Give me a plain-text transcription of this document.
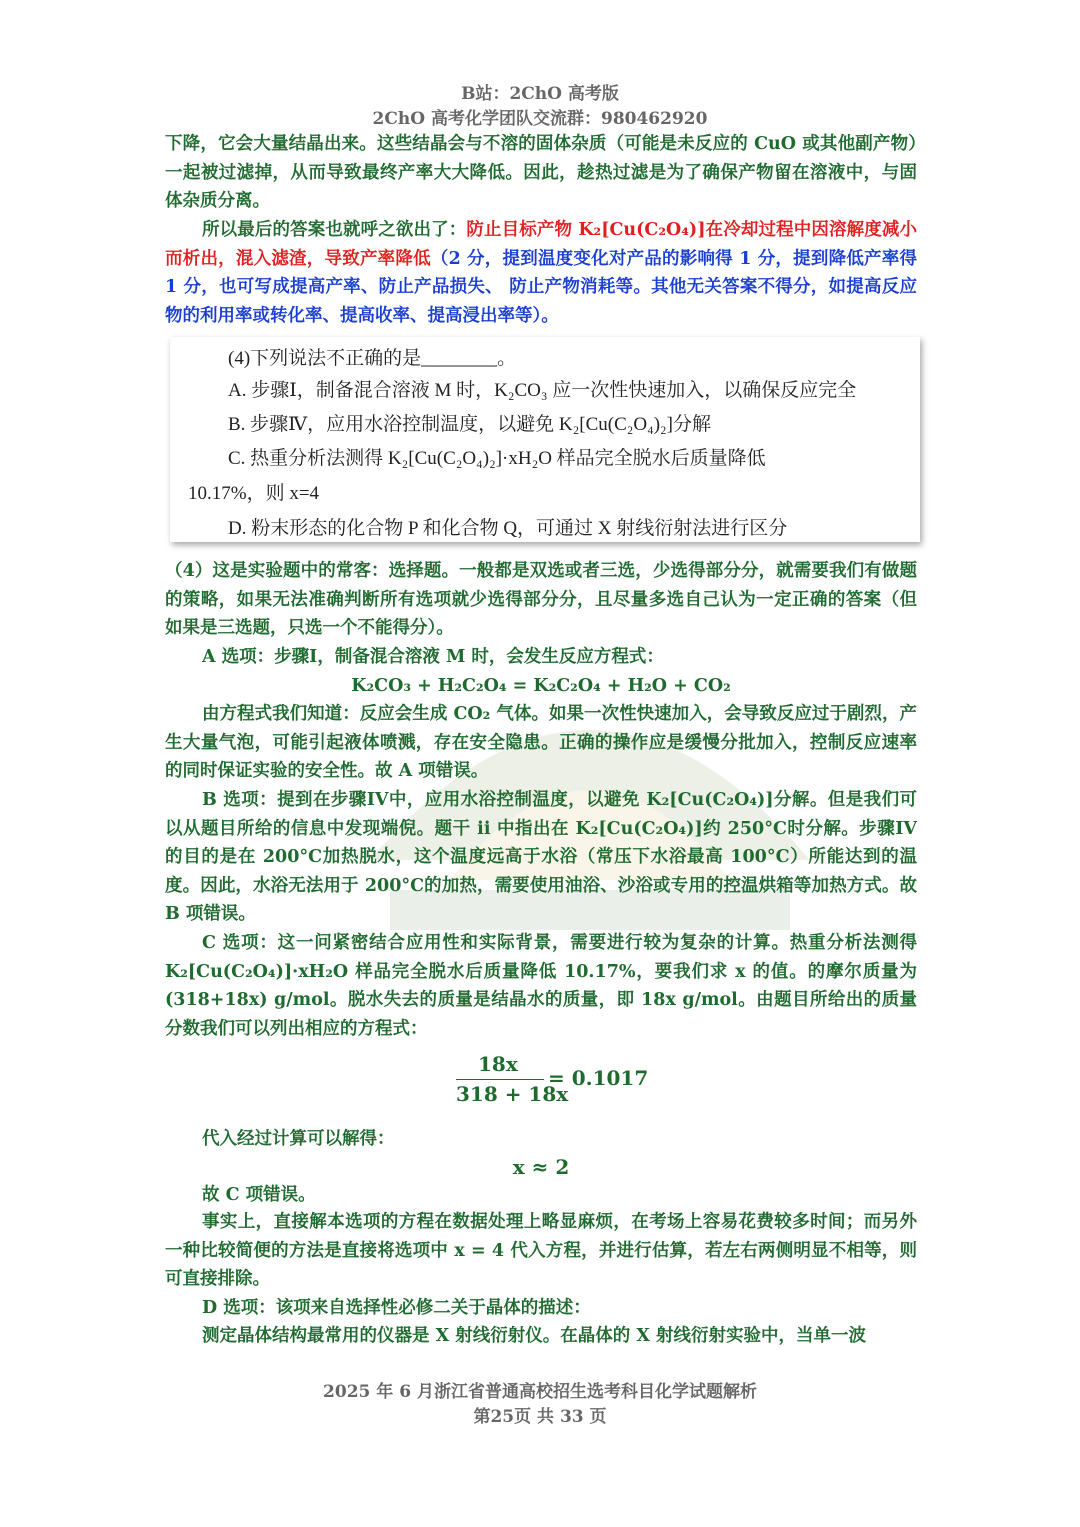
B站：2ChO 高考版
2ChO 高考化学团队交流群：980462920

下降，它会大量结晶出来。这些结晶会与不溶的固体杂质（可能是未反应的 CuO 或其他副产物）一起被过滤掉，从而导致最终产率大大降低。因此，趁热过滤是为了确保产物留在溶液中，与固体杂质分离。

所以最后的答案也就呼之欲出了：防止目标产物 K₂[Cu(C₂O₄)]在冷却过程中因溶解度减小而析出，混入滤渣，导致产率降低（2 分，提到温度变化对产品的影响得 1 分，提到降低产率得 1 分，也可写成提高产率、防止产品损失、 防止产物消耗等。其他无关答案不得分，如提高反应物的利用率或转化率、提高收率、提高浸出率等）。

(4)下列说法不正确的是________。
A. 步骤Ⅰ，制备混合溶液 M 时，K₂CO₃ 应一次性快速加入，以确保反应完全
B. 步骤Ⅳ，应用水浴控制温度，以避免 K₂[Cu(C₂O₄)₂]分解
C. 热重分析法测得 K₂[Cu(C₂O₄)₂]·xH₂O 样品完全脱水后质量降低
10.17%，则 x=4
D. 粉末形态的化合物 P 和化合物 Q，可通过 X 射线衍射法进行区分

（4）这是实验题中的常客：选择题。一般都是双选或者三选，少选得部分分，就需要我们有做题的策略，如果无法准确判断所有选项就少选得部分分，且尽量多选自己认为一定正确的答案（但如果是三选题，只选一个不能得分）。

A 选项：步骤I，制备混合溶液 M 时，会发生反应方程式：

K₂CO₃ + H₂C₂O₄ = K₂C₂O₄ + H₂O + CO₂

由方程式我们知道：反应会生成 CO₂ 气体。如果一次性快速加入，会导致反应过于剧烈，产生大量气泡，可能引起液体喷溅，存在安全隐患。正确的操作应是缓慢分批加入，控制反应速率的同时保证实验的安全性。故 A 项错误。

B 选项：提到在步骤IV中，应用水浴控制温度，以避免 K₂[Cu(C₂O₄)]分解。但是我们可以从题目所给的信息中发现端倪。题干 ii 中指出在 K₂[Cu(C₂O₄)]约 250°C时分解。步骤IV的目的是在 200°C加热脱水，这个温度远高于水浴（常压下水浴最高 100°C）所能达到的温度。因此，水浴无法用于 200°C的加热，需要使用油浴、沙浴或专用的控温烘箱等加热方式。故 B 项错误。

C 选项：这一问紧密结合应用性和实际背景，需要进行较为复杂的计算。热重分析法测得 K₂[Cu(C₂O₄)]·xH₂O 样品完全脱水后质量降低 10.17%，要我们求 x 的值。的摩尔质量为(318+18x) g/mol。脱水失去的质量是结晶水的质量，即 18x g/mol。由题目所给出的质量分数我们可以列出相应的方程式：

18x
318 + 18x
= 0.1017

代入经过计算可以解得：

x ≈ 2

故 C 项错误。

事实上，直接解本选项的方程在数据处理上略显麻烦，在考场上容易花费较多时间；而另外一种比较简便的方法是直接将选项中 x = 4 代入方程，并进行估算，若左右两侧明显不相等，则可直接排除。

D 选项：该项来自选择性必修二关于晶体的描述：

测定晶体结构最常用的仪器是 X 射线衍射仪。在晶体的 X 射线衍射实验中，当单一波

2025 年 6 月浙江省普通高校招生选考科目化学试题解析
第25页 共 33 页
